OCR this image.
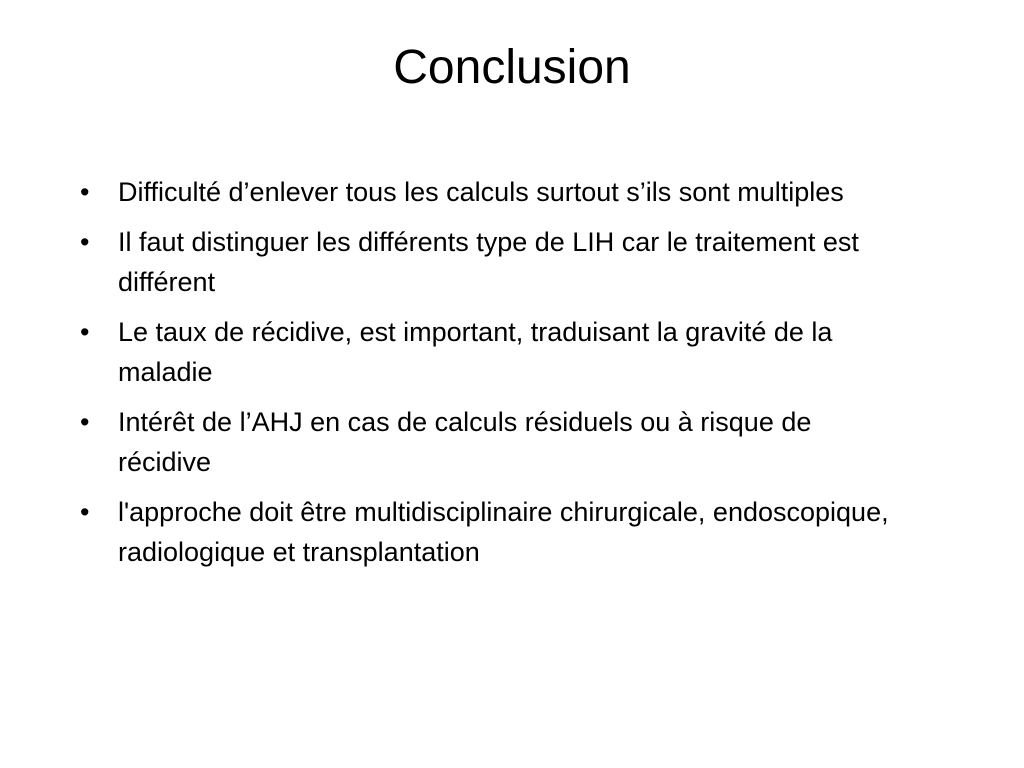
Conclusion
•	Difficulté d’enlever tous les calculs surtout s’ils sont multiples
•	Il faut distinguer les différents type de LIH car le traitement est différent
•	Le taux de récidive, est important, traduisant la gravité de la maladie
•	Intérêt de l’AHJ en cas de calculs résiduels ou à risque de récidive
•	l'approche doit être multidisciplinaire chirurgicale, endoscopique, radiologique et transplantation
